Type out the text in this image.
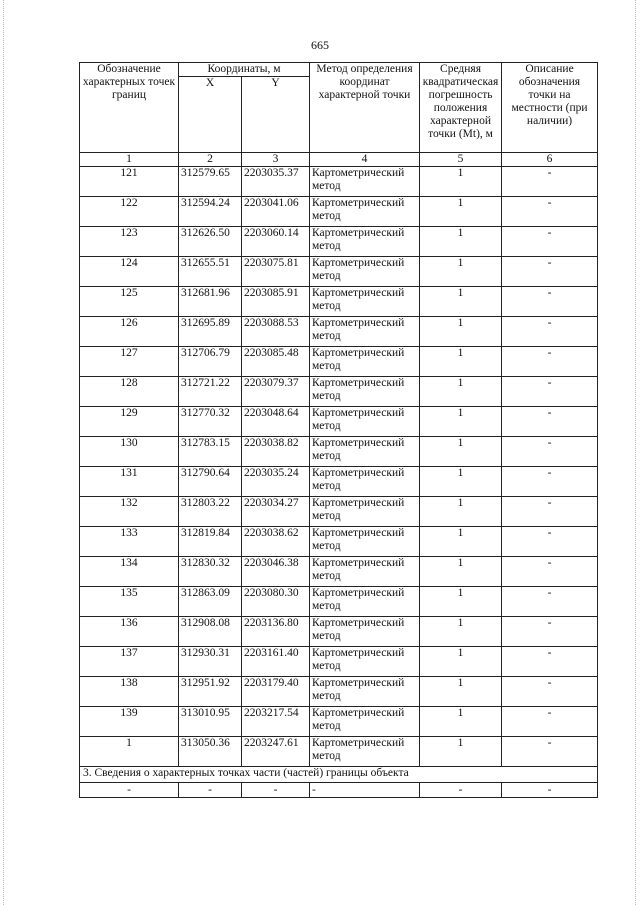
665
Обозначение характерных точек границ	Координаты, м		Метод определения координат характерной точки	Средняя квадратическая погрешность положения характерной точки (Mt), м	Описание обозначения точки на местности (при наличии)
	X	Y			
1	2	3	4	5	6
121	312579.65	2203035.37	Картометрический метод	1	-
122	312594.24	2203041.06	Картометрический метод	1	-
123	312626.50	2203060.14	Картометрический метод	1	-
124	312655.51	2203075.81	Картометрический метод	1	-
125	312681.96	2203085.91	Картометрический метод	1	-
126	312695.89	2203088.53	Картометрический метод	1	-
127	312706.79	2203085.48	Картометрический метод	1	-
128	312721.22	2203079.37	Картометрический метод	1	-
129	312770.32	2203048.64	Картометрический метод	1	-
130	312783.15	2203038.82	Картометрический метод	1	-
131	312790.64	2203035.24	Картометрический метод	1	-
132	312803.22	2203034.27	Картометрический метод	1	-
133	312819.84	2203038.62	Картометрический метод	1	-
134	312830.32	2203046.38	Картометрический метод	1	-
135	312863.09	2203080.30	Картометрический метод	1	-
136	312908.08	2203136.80	Картометрический метод	1	-
137	312930.31	2203161.40	Картометрический метод	1	-
138	312951.92	2203179.40	Картометрический метод	1	-
139	313010.95	2203217.54	Картометрический метод	1	-
1	313050.36	2203247.61	Картометрический метод	1	-
3. Сведения о характерных точках части (частей) границы объекта					
-	-	-	-	-	-
